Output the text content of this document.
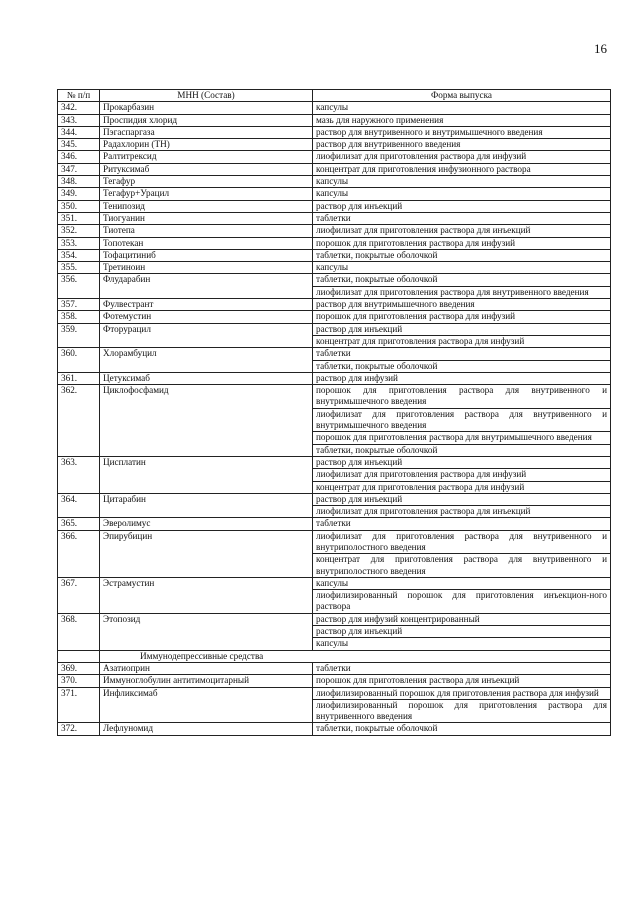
16
№ п/п	МНН (Состав)	Форма выпуска
342.	Прокарбазин	капсулы

343.	Проспидия хлорид	мазь для наружного применения

344.	Пэгаспаргаза	раствор для внутривенного и внутримышечного введения

345.	Радахлорин (ТН)	раствор для внутривенного введения

346.	Ралтитрексид	лиофилизат для приготовления раствора для инфузий

347.	Ритуксимаб	концентрат для приготовления инфузионного раствора

348.	Тегафур	капсулы

349.	Тегафур+Урацил	капсулы

350.	Тенипозид	раствор для инъекций

351.	Тиогуанин	таблетки

352.	Тиотепа	лиофилизат для приготовления раствора для инъекций

353.	Топотекан	порошок для приготовления раствора для инфузий

354.	Тофацитиниб	таблетки, покрытые оболочкой

355.	Третиноин	капсулы

356.	Флударабин	таблетки, покрытые оболочкой
лиофилизат для приготовления раствора для внутривенного введения

357.	Фулвестрант	раствор для внутримышечного введения

358.	Фотемустин	порошок для приготовления раствора для инфузий

359.	Фторурацил	раствор для инъекций
концентрат для приготовления раствора для инфузий

360.	Хлорамбуцил	таблетки
таблетки, покрытые оболочкой

361.	Цетуксимаб	раствор для инфузий

362.	Циклофосфамид	порошок для приготовления раствора для внутривенного и внутримышечного введения
лиофилизат для приготовления раствора для внутривенного и внутримышечного введения
порошок для приготовления раствора для внутримышечного введения
таблетки, покрытые оболочкой

363.	Цисплатин	раствор для инъекций
лиофилизат для приготовления раствора для инфузий
концентрат для приготовления раствора для инфузий

364.	Цитарабин	раствор для инъекций
лиофилизат для приготовления раствора для инъекций

365.	Эверолимус	таблетки

366.	Эпирубицин	лиофилизат для приготовления раствора для внутривенного и внутриполостного введения
концентрат для приготовления раствора для внутривенного и внутриполостного введения

367.	Эстрамустин	капсулы
лиофилизированный порошок для приготовления инъекцион-ного раствора

368.	Этопозид	раствор для инфузий концентрированный
раствор для инъекций
капсулы

	Иммунодепрессивные средства	
369.	Азатиоприн	таблетки

370.	Иммуноглобулин антитимоцитарный	порошок для приготовления раствора для инъекций

371.	Инфликсимаб	лиофилизированный порошок для приготовления раствора для инфузий
лиофилизированный порошок для приготовления раствора для внутривенного введения

372.	Лефлуномид	таблетки, покрытые оболочкой
